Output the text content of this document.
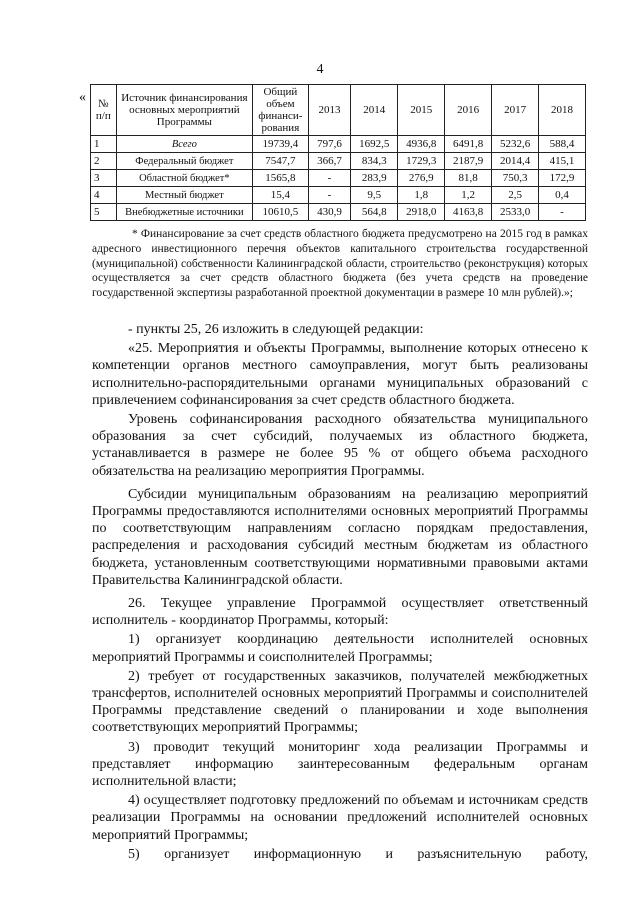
4
« № п/п	Источник финансирования основных мероприятий Программы	Общий объем финанси-рования	2013	2014	2015	2016	2017	2018
1	Всего	19739,4	797,6	1692,5	4936,8	6491,8	5232,6	588,4
2	Федеральный бюджет	7547,7	366,7	834,3	1729,3	2187,9	2014,4	415,1
3	Областной бюджет*	1565,8	-	283,9	276,9	81,8	750,3	172,9
4	Местный бюджет	15,4	-	9,5	1,8	1,2	2,5	0,4
5	Внебюджетные источники	10610,5	430,9	564,8	2918,0	4163,8	2533,0	-
* Финансирование за счет средств областного бюджета предусмотрено на 2015 год в рамках адресного инвестиционного перечня объектов капитального строительства государственной (муниципальной) собственности Калининградской области, строительство (реконструкция) которых осуществляется за счет средств областного бюджета (без учета средств на проведение государственной экспертизы разработанной проектной документации в размере 10 млн рублей).»;

- пункты 25, 26 изложить в следующей редакции:

«25. Мероприятия и объекты Программы, выполнение которых отнесено к компетенции органов местного самоуправления, могут быть реализованы исполнительно-распорядительными органами муниципальных образований с привлечением софинансирования за счет средств областного бюджета.

Уровень софинансирования расходного обязательства муниципального образования за счет субсидий, получаемых из областного бюджета, устанавливается в размере не более 95 % от общего объема расходного обязательства на реализацию мероприятия Программы.

Субсидии муниципальным образованиям на реализацию мероприятий Программы предоставляются исполнителями основных мероприятий Программы по соответствующим направлениям согласно порядкам предоставления, распределения и расходования субсидий местным бюджетам из областного бюджета, установленным соответствующими нормативными правовыми актами Правительства Калининградской области.

26. Текущее управление Программой осуществляет ответственный исполнитель - координатор Программы, который:

1) организует координацию деятельности исполнителей основных мероприятий Программы и соисполнителей Программы;

2) требует от государственных заказчиков, получателей межбюджетных трансфертов, исполнителей основных мероприятий Программы и соисполнителей Программы представление сведений о планировании и ходе выполнения соответствующих мероприятий Программы;

3) проводит текущий мониторинг хода реализации Программы и представляет информацию заинтересованным федеральным органам исполнительной власти;

4) осуществляет подготовку предложений по объемам и источникам средств реализации Программы на основании предложений исполнителей основных мероприятий Программы;

5) организует информационную и разъяснительную работу,
